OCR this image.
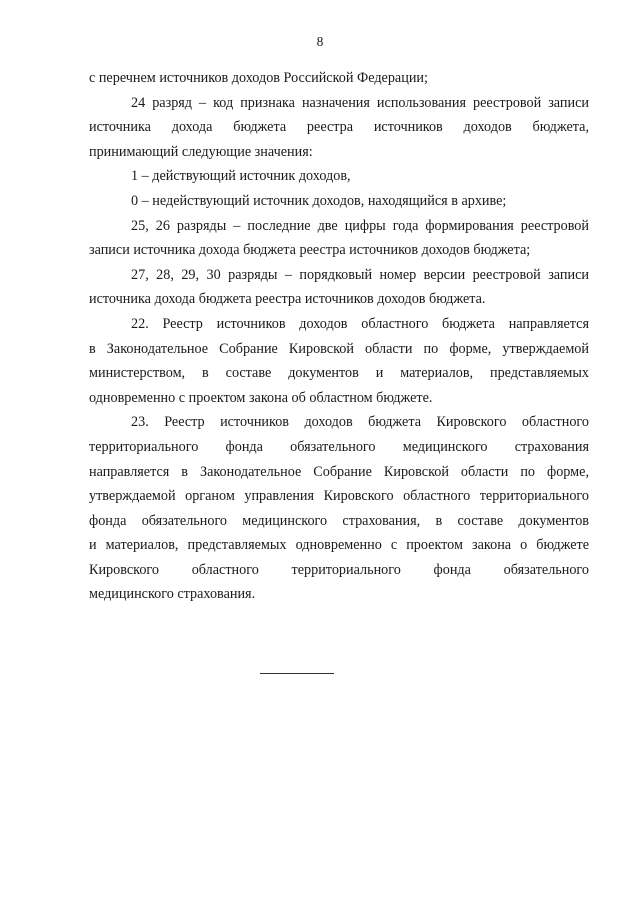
8

с перечнем источников доходов Российской Федерации;

24 разряд – код признака назначения использования реестровой записи
источника дохода бюджета реестра источников доходов бюджета,
принимающий следующие значения:

1 – действующий источник доходов,

0 – недействующий источник доходов, находящийся в архиве;

25, 26 разряды – последние две цифры года формирования реестровой
записи источника дохода бюджета реестра источников доходов бюджета;

27, 28, 29, 30 разряды – порядковый номер версии реестровой записи
источника дохода бюджета реестра источников доходов бюджета.

22. Реестр источников доходов областного бюджета направляется
в Законодательное Собрание Кировской области по форме, утверждаемой
министерством, в составе документов и материалов, представляемых
одновременно с проектом закона об областном бюджете.

23. Реестр источников доходов бюджета Кировского областного
территориального фонда обязательного медицинского страхования
направляется в Законодательное Собрание Кировской области по форме,
утверждаемой органом управления Кировского областного территориального
фонда обязательного медицинского страхования, в составе документов
и материалов, представляемых одновременно с проектом закона о бюджете
Кировского областного территориального фонда обязательного
медицинского страхования.
